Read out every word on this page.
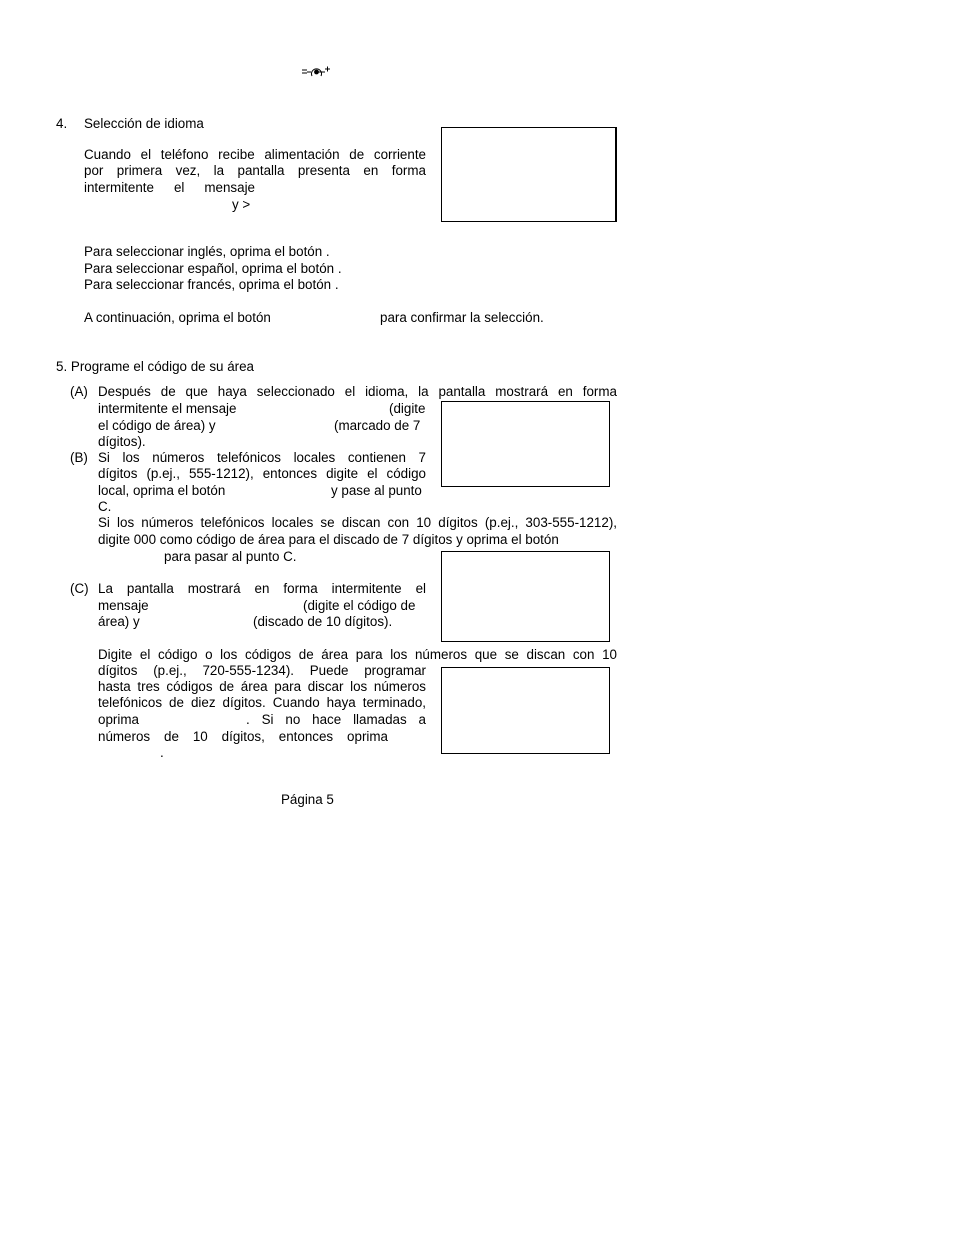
4. Selección de idioma
Cuando el teléfono recibe alimentación de corriente
por primera vez, la pantalla presenta en forma
intermitente el mensaje
y >
Para seleccionar inglés, oprima el botón .
Para seleccionar español, oprima el botón .
Para seleccionar francés, oprima el botón .
A continuación, oprima el botón	para confirmar la selección.
5. Programe el código de su área
(A) Después de que haya seleccionado el idioma, la pantalla mostrará en forma
intermitente el mensaje	(digite
el código de área) y	(marcado de 7
dígitos).
(B) Si los números telefónicos locales contienen 7
dígitos (p.ej., 555-1212), entonces digite el código
local, oprima el botón	y pase al punto
C.
Si los números telefónicos locales se discan con 10 dígitos (p.ej., 303-555-1212),
digite 000 como código de área para el discado de 7 dígitos y oprima el botón
para pasar al punto C.
(C) La pantalla mostrará en forma intermitente el
mensaje	(digite el código de
área) y	(discado de 10 dígitos).
Digite el código o los códigos de área para los números que se discan con 10
dígitos (p.ej., 720-555-1234). Puede programar
hasta tres códigos de área para discar los números
telefónicos de diez dígitos. Cuando haya terminado,
oprima	. Si no hace llamadas a
números de 10 dígitos, entonces oprima
.
Página 5
